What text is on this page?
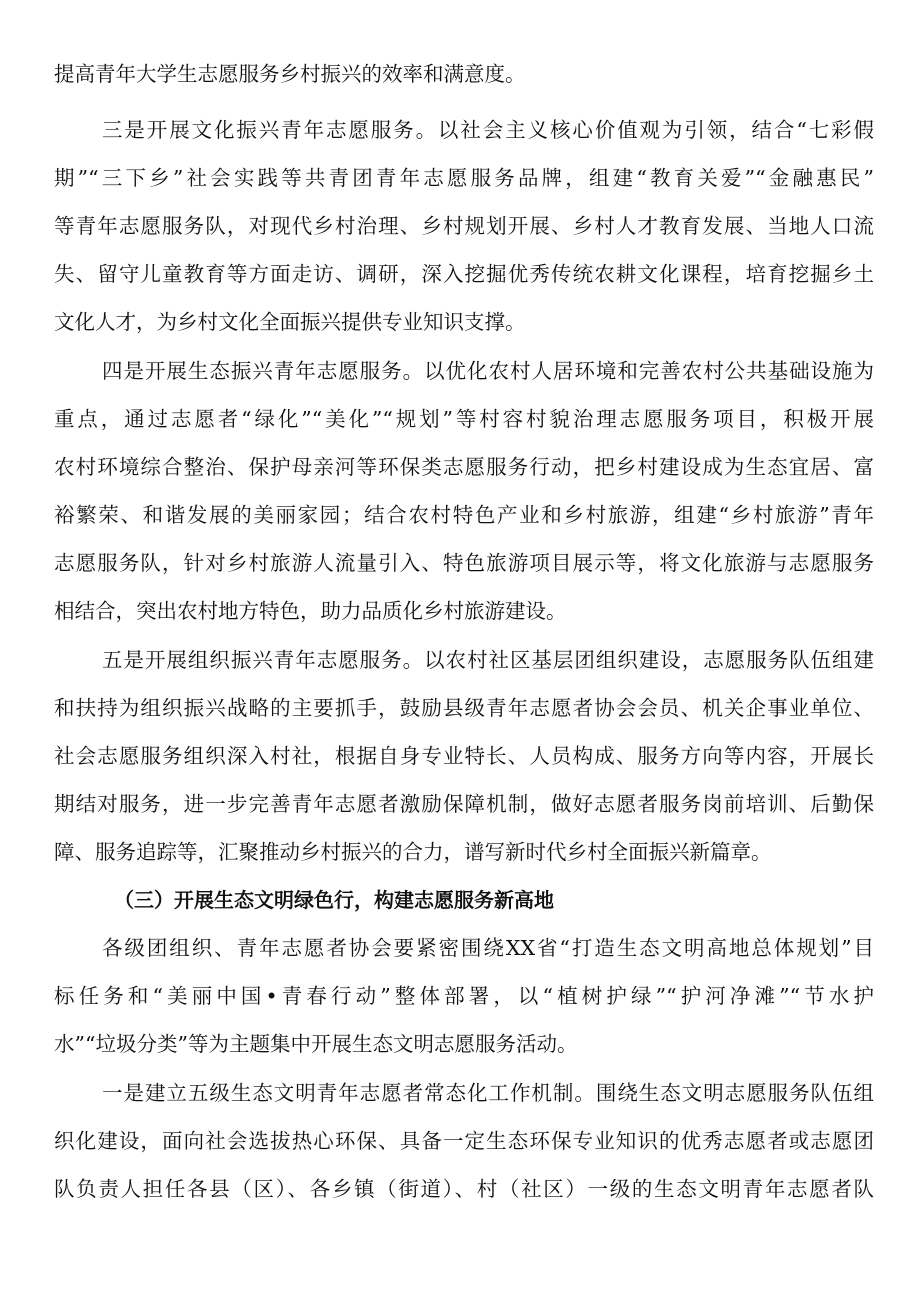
提高青年大学生志愿服务乡村振兴的效率和满意度。
三是开展文化振兴青年志愿服务。以社会主义核心价值观为引领，结合“七彩假
期”“三下乡”社会实践等共青团青年志愿服务品牌，组建“教育关爱”“金融惠民”
等青年志愿服务队，对现代乡村治理、乡村规划开展、乡村人才教育发展、当地人口流
失、留守儿童教育等方面走访、调研，深入挖掘优秀传统农耕文化课程，培育挖掘乡土
文化人才，为乡村文化全面振兴提供专业知识支撑。
四是开展生态振兴青年志愿服务。以优化农村人居环境和完善农村公共基础设施为
重点，通过志愿者“绿化”“美化”“规划”等村容村貌治理志愿服务项目，积极开展
农村环境综合整治、保护母亲河等环保类志愿服务行动，把乡村建设成为生态宜居、富
裕繁荣、和谐发展的美丽家园；结合农村特色产业和乡村旅游，组建“乡村旅游”青年
志愿服务队，针对乡村旅游人流量引入、特色旅游项目展示等，将文化旅游与志愿服务
相结合，突出农村地方特色，助力品质化乡村旅游建设。
五是开展组织振兴青年志愿服务。以农村社区基层团组织建设，志愿服务队伍组建
和扶持为组织振兴战略的主要抓手，鼓励县级青年志愿者协会会员、机关企事业单位、
社会志愿服务组织深入村社，根据自身专业特长、人员构成、服务方向等内容，开展长
期结对服务，进一步完善青年志愿者激励保障机制，做好志愿者服务岗前培训、后勤保
障、服务追踪等，汇聚推动乡村振兴的合力，谱写新时代乡村全面振兴新篇章。
（三）开展生态文明绿色行，构建志愿服务新高地
各级团组织、青年志愿者协会要紧密围绕XX省“打造生态文明高地总体规划”目
标任务和“美丽中国•青春行动”整体部署，以“植树护绿”“护河净滩”“节水护
水”“垃圾分类”等为主题集中开展生态文明志愿服务活动。
一是建立五级生态文明青年志愿者常态化工作机制。围绕生态文明志愿服务队伍组
织化建设，面向社会选拔热心环保、具备一定生态环保专业知识的优秀志愿者或志愿团
队负责人担任各县（区）、各乡镇（街道）、村（社区）一级的生态文明青年志愿者队
